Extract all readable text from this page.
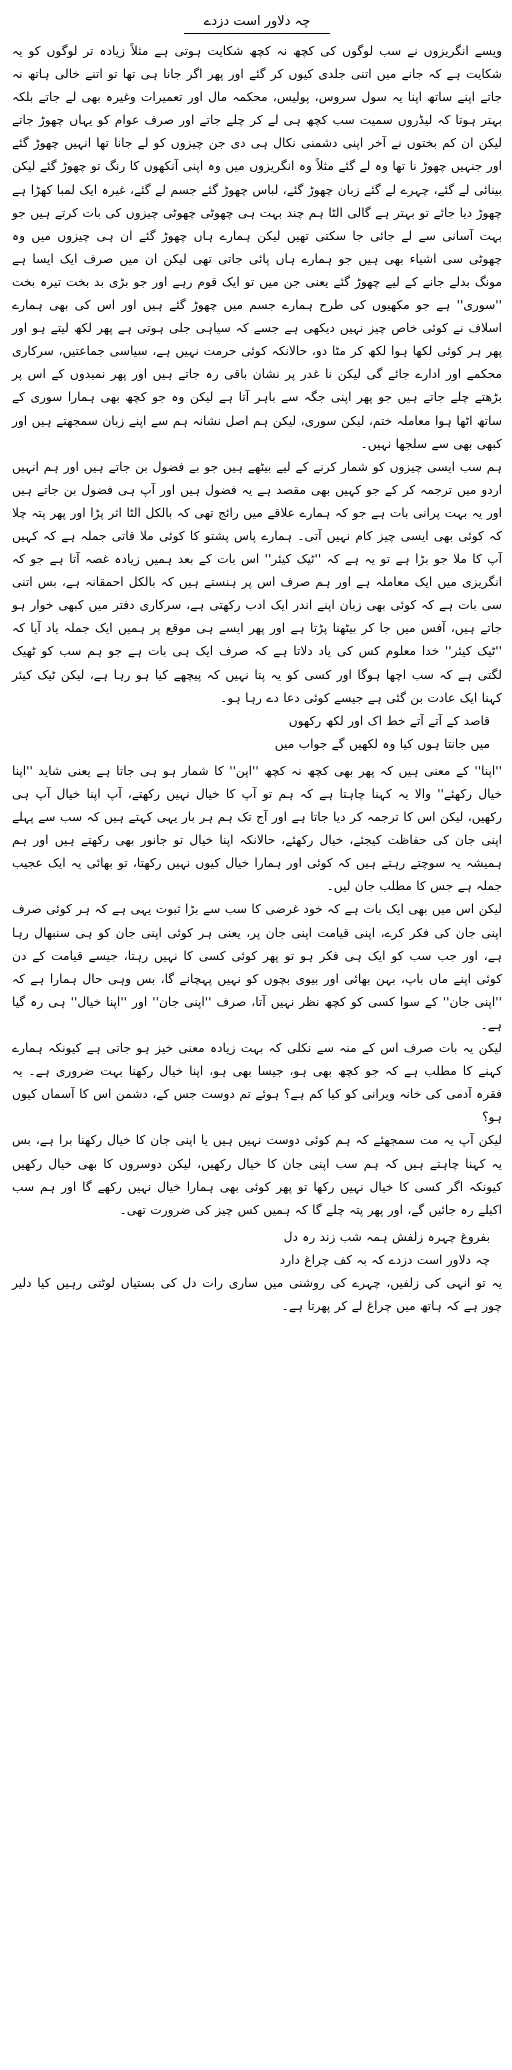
چہ دلاور است دزدے

ویسے انگریزوں نے سب لوگوں کی کچھ نہ کچھ شکایت ہوتی ہے مثلاً زیادہ تر لوگوں کو یہ شکایت ہے کہ جانے میں اتنی جلدی کیوں کر گئے اور پھر اگر جانا ہی تھا تو اتنے خالی ہاتھ نہ جاتے اپنے ساتھ اپنا یہ سول سروس، پولیس، محکمہ مال اور تعمیرات وغیرہ بھی لے جاتے بلکہ بہتر ہوتا کہ لیڈروں سمیت سب کچھ ہی لے کر چلے جاتے اور صرف عوام کو یہاں چھوڑ جاتے لیکن ان کم بختوں نے آخر اپنی دشمنی نکال ہی دی جن چیزوں کو لے جانا تھا انہیں چھوڑ گئے اور جنہیں چھوڑ نا تھا وہ لے گئے مثلاً وہ انگریزوں میں وہ اپنی آنکھوں کا رنگ تو چھوڑ گئے لیکن بینائی لے گئے، چہرے لے گئے زبان چھوڑ گئے، لباس چھوڑ گئے جسم لے گئے، غیرہ ایک لمبا کھڑا ہے چھوڑ دیا جائے تو بہتر ہے گالی الٹا ہم چند بہت ہی چھوٹی چھوٹی چیزوں کی بات کرتے ہیں جو بہت آسانی سے لے جائی جا سکتی تھیں لیکن ہمارے ہاں چھوڑ گئے ان ہی چیزوں میں وہ چھوٹی سی اشیاء بھی ہیں جو ہمارے ہاں پائی جاتی تھی لیکن ان میں صرف ایک ایسا ہے مونگ بدلے جانے کے لیے چھوڑ گئے یعنی جن میں تو ایک قوم رہے اور جو بڑی بد بخت تیرہ بخت ''سوری'' ہے جو مکھیوں کی طرح ہمارے جسم میں چھوڑ گئے ہیں اور اس کی بھی ہمارے اسلاف نے کوئی خاص چیز نہیں دیکھی ہے جسے کہ سیاہی جلی ہوتی ہے پھر لکھ لیتے ہو اور پھر ہر کوئی لکھا ہوا لکھ کر مٹا دو، حالانکہ کوئی حرمت نہیں ہے، سیاسی جماعتیں، سرکاری محکمے اور ادارے جائے گی لیکن نا غدر پر نشان باقی رہ جاتے ہیں اور پھر نمیدوں کے اس پر بڑھتے چلے جاتے ہیں جو پھر اپنی جگہ سے باہر آتا ہے لیکن وہ جو کچھ بھی ہمارا سوری کے ساتھ اٹھا ہوا معاملہ ختم، لیکن سوری، لیکن ہم اصل نشانہ ہم سے اپنے زبان سمجھتے ہیں اور کبھی بھی سے سلجھا نہیں۔

ہم سب ایسی چیزوں کو شمار کرنے کے لیے بیٹھے ہیں جو بے فضول بن جاتے ہیں اور ہم انہیں اردو میں ترجمہ کر کے جو کہیں بھی مقصد ہے یہ فضول ہیں اور آپ ہی فضول بن جاتے ہیں اور یہ بہت پرانی بات ہے جو کہ ہمارے علاقے میں رائج تھی کہ بالکل الٹا اثر پڑا اور پھر پتہ چلا کہ کوئی بھی ایسی چیز کام نہیں آتی۔ ہمارے پاس پشتو کا کوئی ملا قاتی جملہ ہے کہ کہیں آپ کا ملا جو بڑا ہے تو یہ ہے کہ ''ٹیک کیئر'' اس بات کے بعد ہمیں زیادہ غصہ آتا ہے جو کہ انگریزی میں ایک معاملہ ہے اور ہم صرف اس پر ہنستے ہیں کہ بالکل احمقانہ ہے، بس اتنی سی بات ہے کہ کوئی بھی زبان اپنے اندر ایک ادب رکھتی ہے، سرکاری دفتر میں کبھی خوار ہو جاتے ہیں، آفس میں جا کر بیٹھنا پڑتا ہے اور پھر ایسے ہی موقع پر ہمیں ایک جملہ یاد آیا کہ ''ٹیک کیئر'' خدا معلوم کس کی یاد دلاتا ہے کہ صرف ایک ہی بات ہے جو ہم سب کو ٹھیک لگتی ہے کہ سب اچھا ہوگا اور کسی کو یہ پتا نہیں کہ پیچھے کیا ہو رہا ہے، لیکن ٹیک کیئر کہنا ایک عادت بن گئی ہے جیسے کوئی دعا دے رہا ہو۔

قاصد کے آتے آتے خط اک اور لکھ رکھوں

میں جانتا ہوں کیا وہ لکھیں گے جواب میں

''اپنا'' کے معنی ہیں کہ پھر بھی کچھ نہ کچھ ''اپن'' کا شمار ہو ہی جاتا ہے یعنی شاید ''اپنا خیال رکھئے'' والا یہ کہنا چاہتا ہے کہ ہم تو آپ کا خیال نہیں رکھتے، آپ اپنا خیال آپ ہی رکھیں، لیکن اس کا ترجمہ کر دیا جاتا ہے اور آج تک ہم ہر بار یہی کہتے ہیں کہ سب سے پہلے اپنی جان کی حفاظت کیجئے، خیال رکھئے، حالانکہ اپنا خیال تو جانور بھی رکھتے ہیں اور ہم ہمیشہ یہ سوچتے رہتے ہیں کہ کوئی اور ہمارا خیال کیوں نہیں رکھتا، تو بھائی یہ ایک عجیب جملہ ہے جس کا مطلب جان لیں۔

لیکن اس میں بھی ایک بات ہے کہ خود غرضی کا سب سے بڑا ثبوت یہی ہے کہ ہر کوئی صرف اپنی جان کی فکر کرے، اپنی قیامت اپنی جان پر، یعنی ہر کوئی اپنی جان کو ہی سنبھال رہا ہے، اور جب سب کو ایک ہی فکر ہو تو پھر کوئی کسی کا نہیں رہتا، جیسے قیامت کے دن کوئی اپنے ماں باپ، بہن بھائی اور بیوی بچوں کو نہیں پہچانے گا، بس وہی حال ہمارا ہے کہ ''اپنی جان'' کے سوا کسی کو کچھ نظر نہیں آتا، صرف ''اپنی جان'' اور ''اپنا خیال'' ہی رہ گیا ہے۔

لیکن یہ بات صرف اس کے منہ سے نکلی کہ بہت زیادہ معنی خیز ہو جاتی ہے کیونکہ ہمارے کہنے کا مطلب ہے کہ جو کچھ بھی ہو، جیسا بھی ہو، اپنا خیال رکھنا بہت ضروری ہے۔ یہ فقرہ آدمی کی خانہ ویرانی کو کیا کم ہے؟ ہوئے تم دوست جس کے، دشمن اس کا آسماں کیوں ہو؟

لیکن آپ یہ مت سمجھئے کہ ہم کوئی دوست نہیں ہیں یا اپنی جان کا خیال رکھنا برا ہے، بس یہ کہنا چاہتے ہیں کہ ہم سب اپنی جان کا خیال رکھیں، لیکن دوسروں کا بھی خیال رکھیں کیونکہ اگر کسی کا خیال نہیں رکھا تو پھر کوئی بھی ہمارا خیال نہیں رکھے گا اور ہم سب اکیلے رہ جائیں گے، اور پھر پتہ چلے گا کہ ہمیں کس چیز کی ضرورت تھی۔

بفروغ چہرہ زلفش ہمہ شب زند رہ دل

چہ دلاور است دزدے کہ بہ کف چراغ دارد

یہ تو انہی کی زلفیں، چہرے کی روشنی میں ساری رات دل کی بستیاں لوٹتی رہیں کیا دلیر چور ہے کہ ہاتھ میں چراغ لے کر پھرتا ہے۔
